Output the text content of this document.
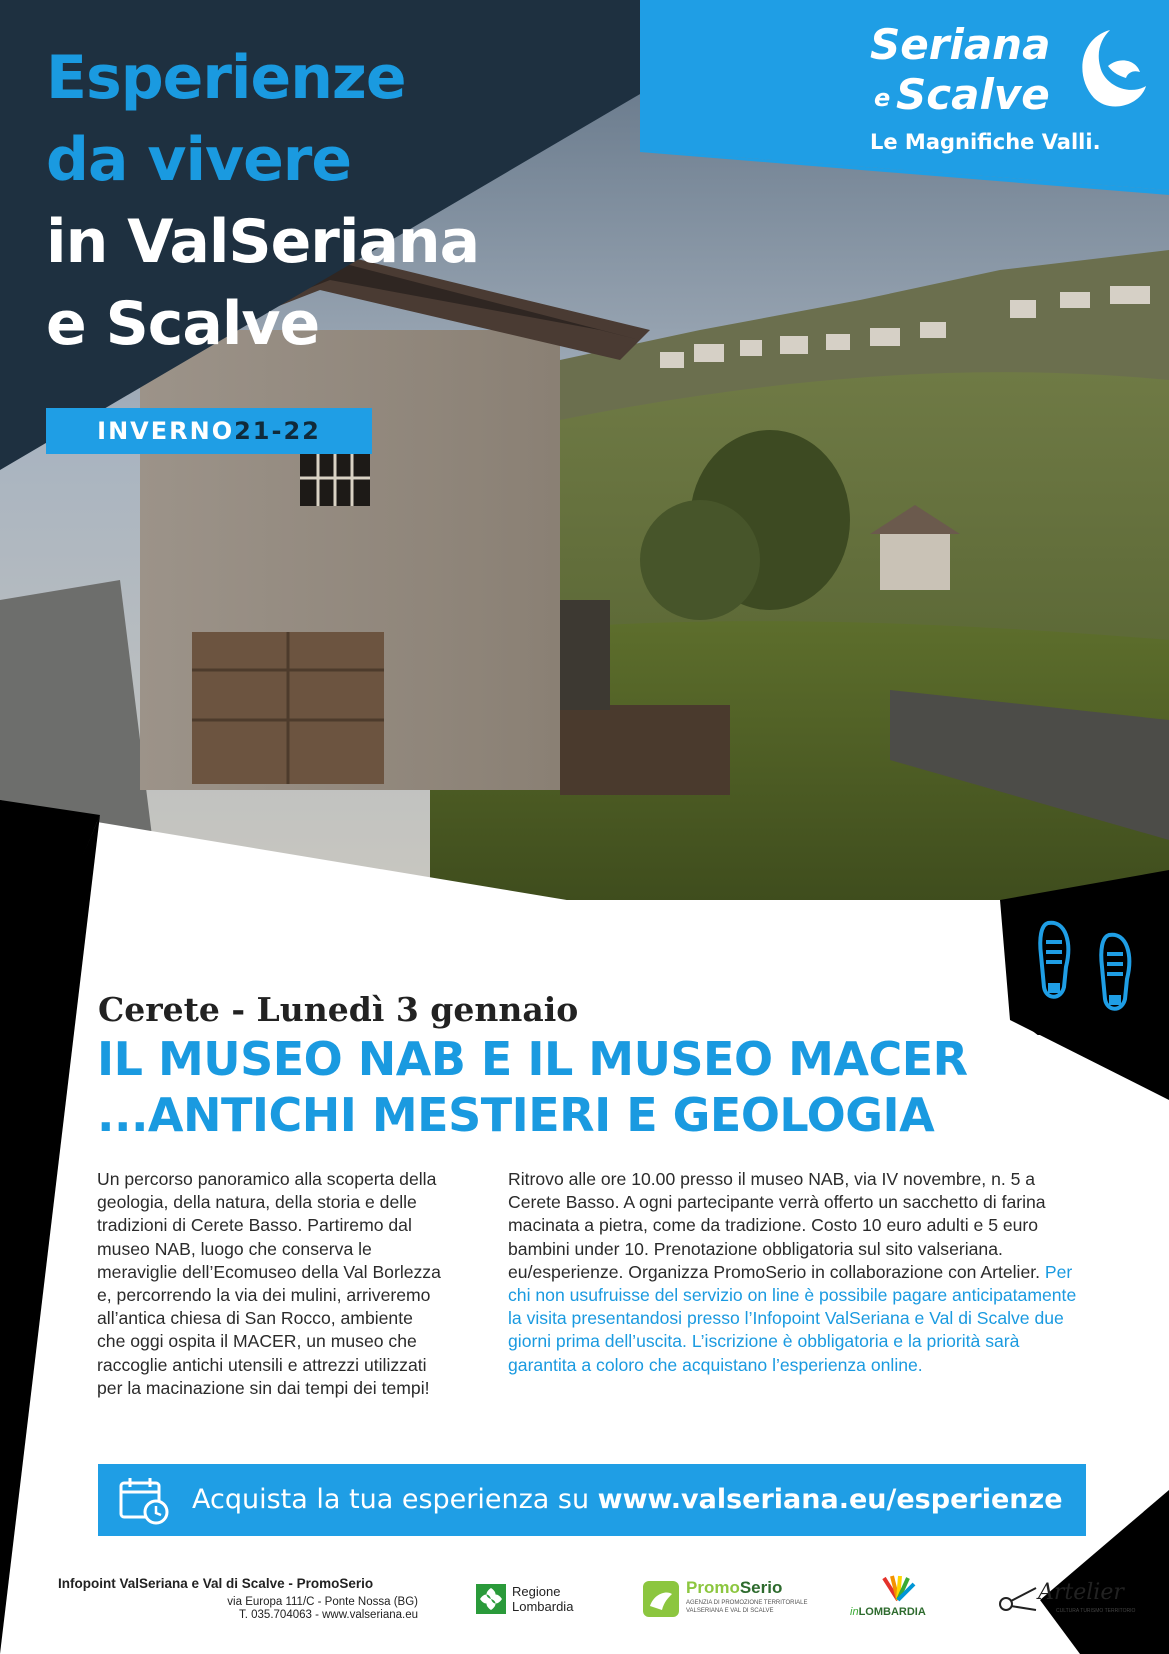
Esperienze
da vivere
in ValSeriana
e Scalve
INVERNO21-22
Seriana
e Scalve
Le Magnifiche Valli.
Cerete - Lunedì 3 gennaio
IL MUSEO NAB E IL MUSEO MACER
...ANTICHI MESTIERI E GEOLOGIA
Un percorso panoramico alla scoperta della geologia, della natura, della storia e delle tradizioni di Cerete Basso. Partiremo dal museo NAB, luogo che conserva le meraviglie dell’Ecomuseo della Val Borlezza e, percorrendo la via dei mulini, arriveremo all’antica chiesa di San Rocco, ambiente che oggi ospita il MACER, un museo che raccoglie antichi utensili e attrezzi utilizzati per la macinazione sin dai tempi dei tempi!
Ritrovo alle ore 10.00 presso il museo NAB, via IV novembre, n. 5 a Cerete Basso. A ogni partecipante verrà offerto un sacchetto di farina macinata a pietra, come da tradizione. Costo 10 euro adulti e 5 euro bambini under 10. Prenotazione obbligatoria sul sito valseriana. eu/esperienze. Organizza PromoSerio in collaborazione con Artelier. Per chi non usufruisse del servizio on line è possibile pagare anticipatamente la visita presentandosi presso l’Infopoint ValSeriana e Val di Scalve due giorni prima dell’uscita. L’iscrizione è obbligatoria e la priorità sarà garantita a coloro che acquistano l’esperienza online.
Acquista la tua esperienza su www.valseriana.eu/esperienze
Infopoint ValSeriana e Val di Scalve - PromoSerio
via Europa 111/C - Ponte Nossa (BG)
T. 035.704063 - www.valseriana.eu
Regione
Lombardia
PromoSerio
AGENZIA DI PROMOZIONE TERRITORIALE
VALSERIANA E VAL DI SCALVE	inLOMBARDIA
Artelier
CULTURA TURISMO TERRITORIO
